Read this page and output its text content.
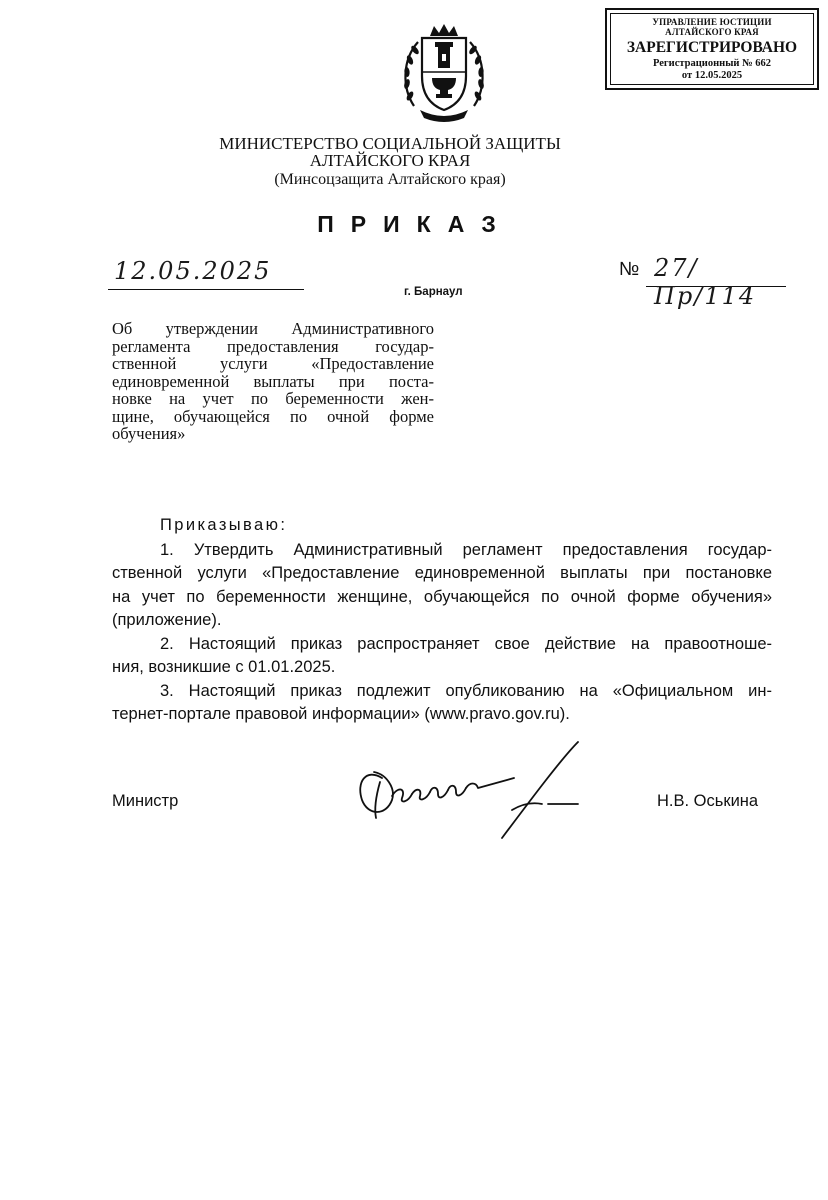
УПРАВЛЕНИЕ ЮСТИЦИИ
АЛТАЙСКОГО КРАЯ
ЗАРЕГИСТРИРОВАНО
Регистрационный № 662
от 12.05.2025
МИНИСТЕРСТВО СОЦИАЛЬНОЙ ЗАЩИТЫ
АЛТАЙСКОГО КРАЯ
(Минсоцзащита Алтайского края)
ПРИКАЗ
12.05.2025	№ 27/Пр/114
г. Барнаул
Об утверждении Административного
регламента предоставления государ-
ственной услуги «Предоставление
единовременной выплаты при поста-
новке на учет по беременности жен-
щине, обучающейся по очной форме
обучения»
Приказываю:
1. Утвердить Административный регламент предоставления государ-
ственной услуги «Предоставление единовременной выплаты при постановке
на учет по беременности женщине, обучающейся по очной форме обучения»
(приложение).
2. Настоящий приказ распространяет свое действие на правоотноше-
ния, возникшие с 01.01.2025.
3. Настоящий приказ подлежит опубликованию на «Официальном ин-
тернет-портале правовой информации» (www.pravo.gov.ru).
Министр	Н.В. Оськина
